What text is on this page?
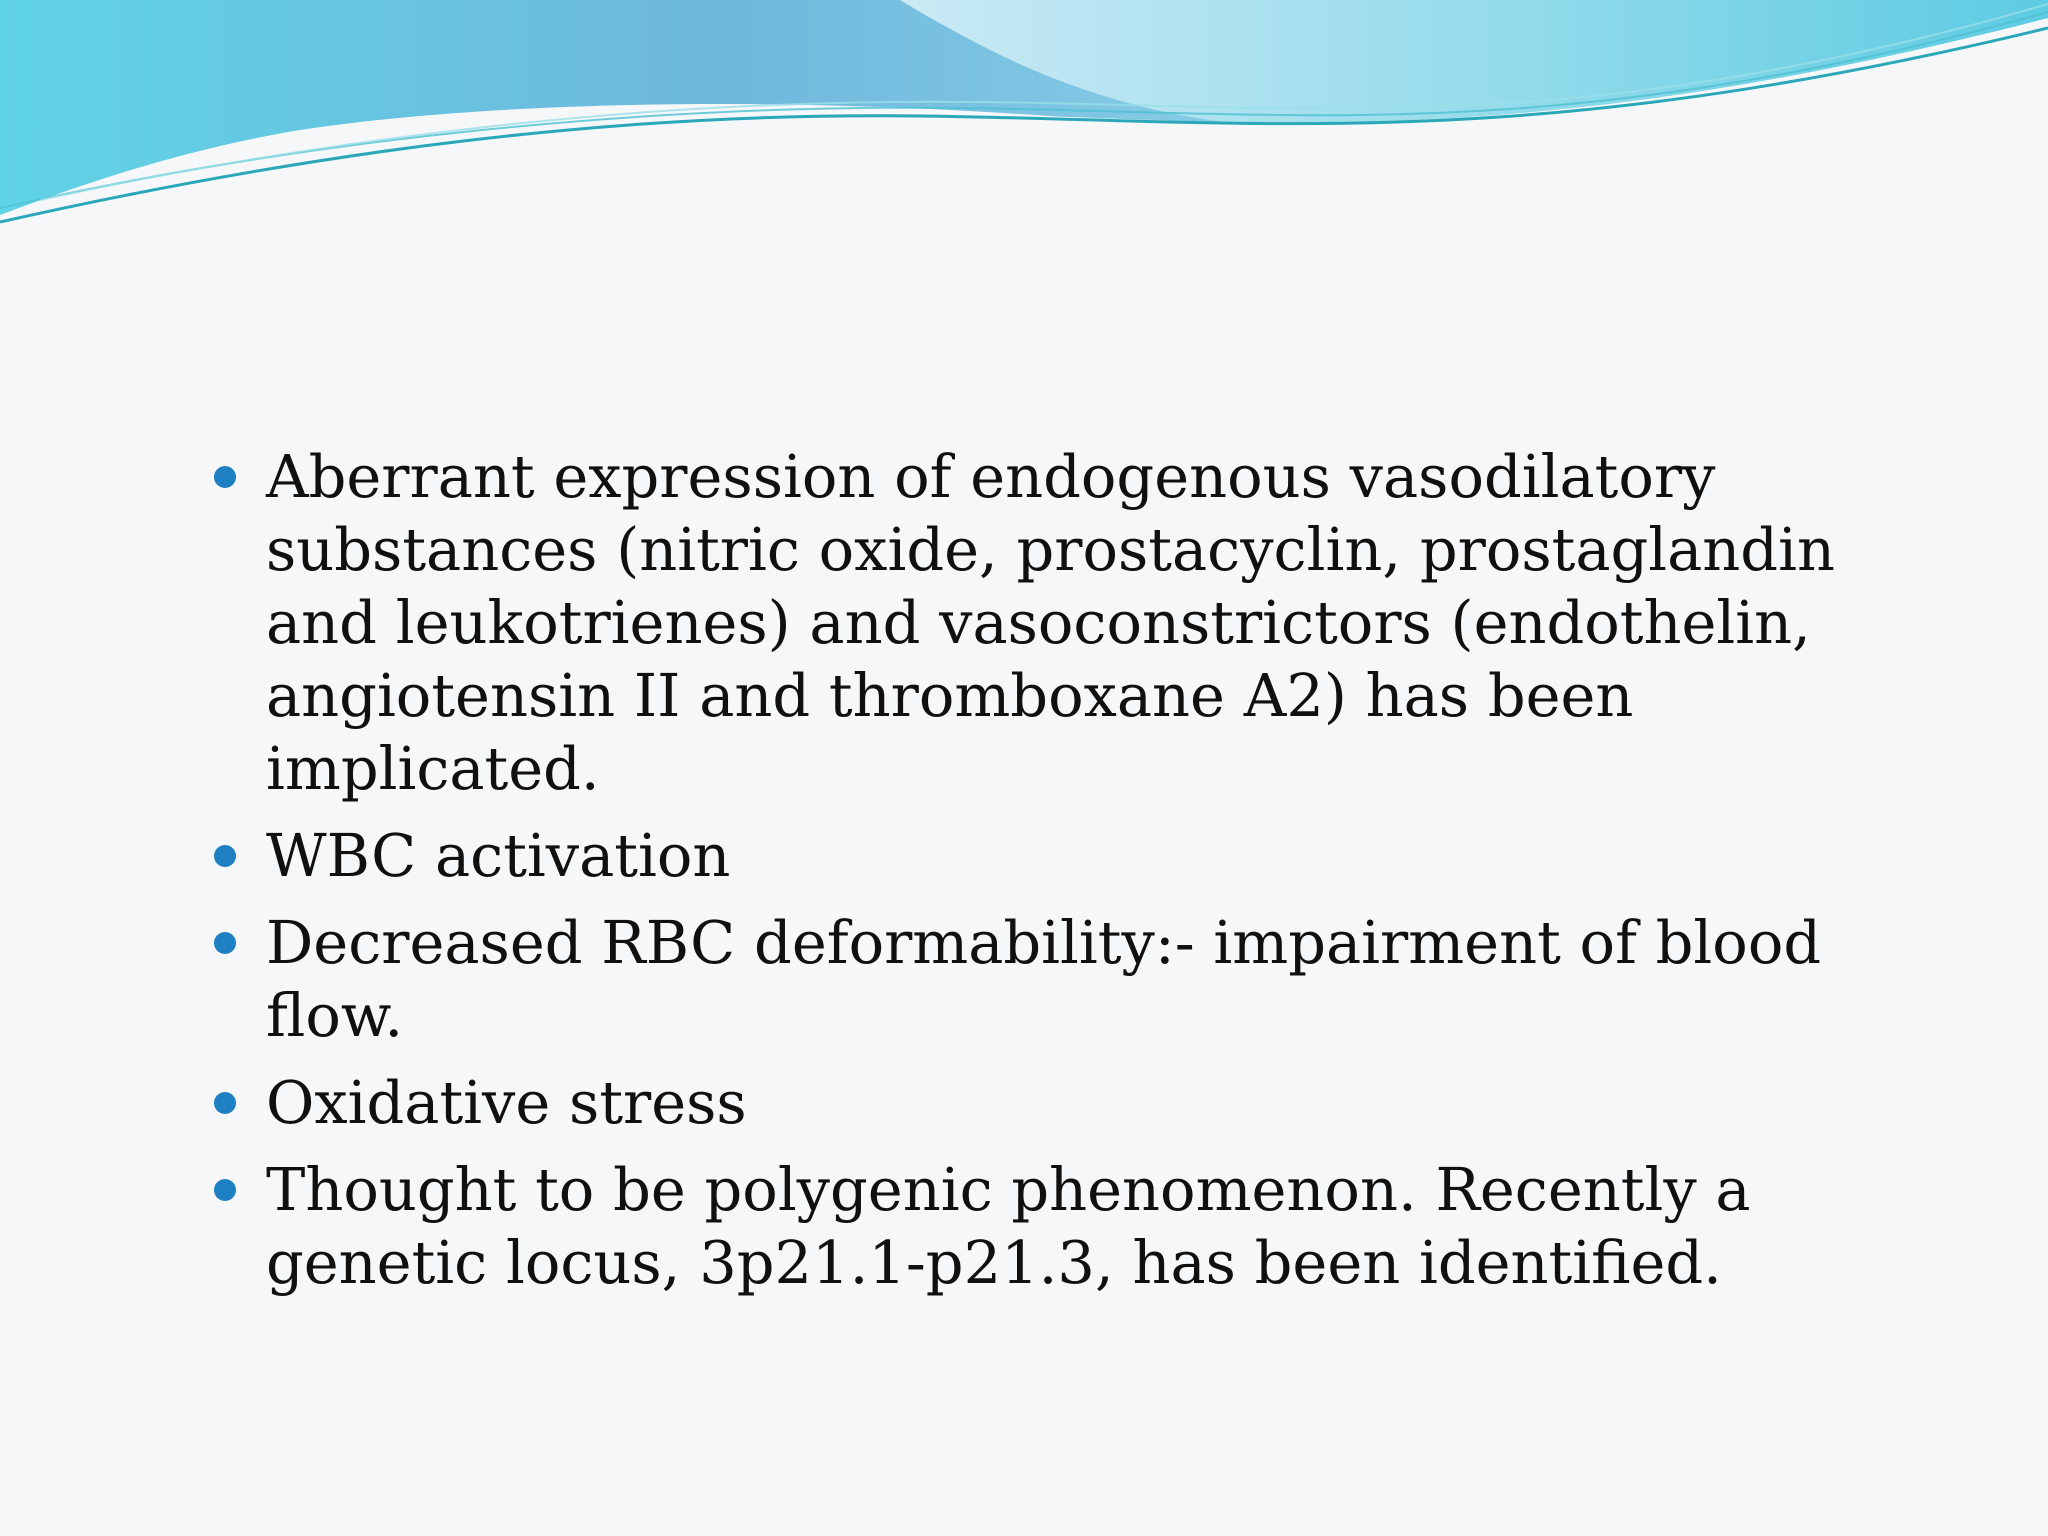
Aberrant expression of endogenous vasodilatory substances (nitric oxide, prostacyclin, prostaglandin and leukotrienes) and vasoconstrictors (endothelin, angiotensin II and thromboxane A2) has been implicated.
WBC activation
Decreased RBC deformability:- impairment of blood flow.
Oxidative stress
Thought to be polygenic phenomenon. Recently a genetic locus, 3p21.1-p21.3, has been identified.
